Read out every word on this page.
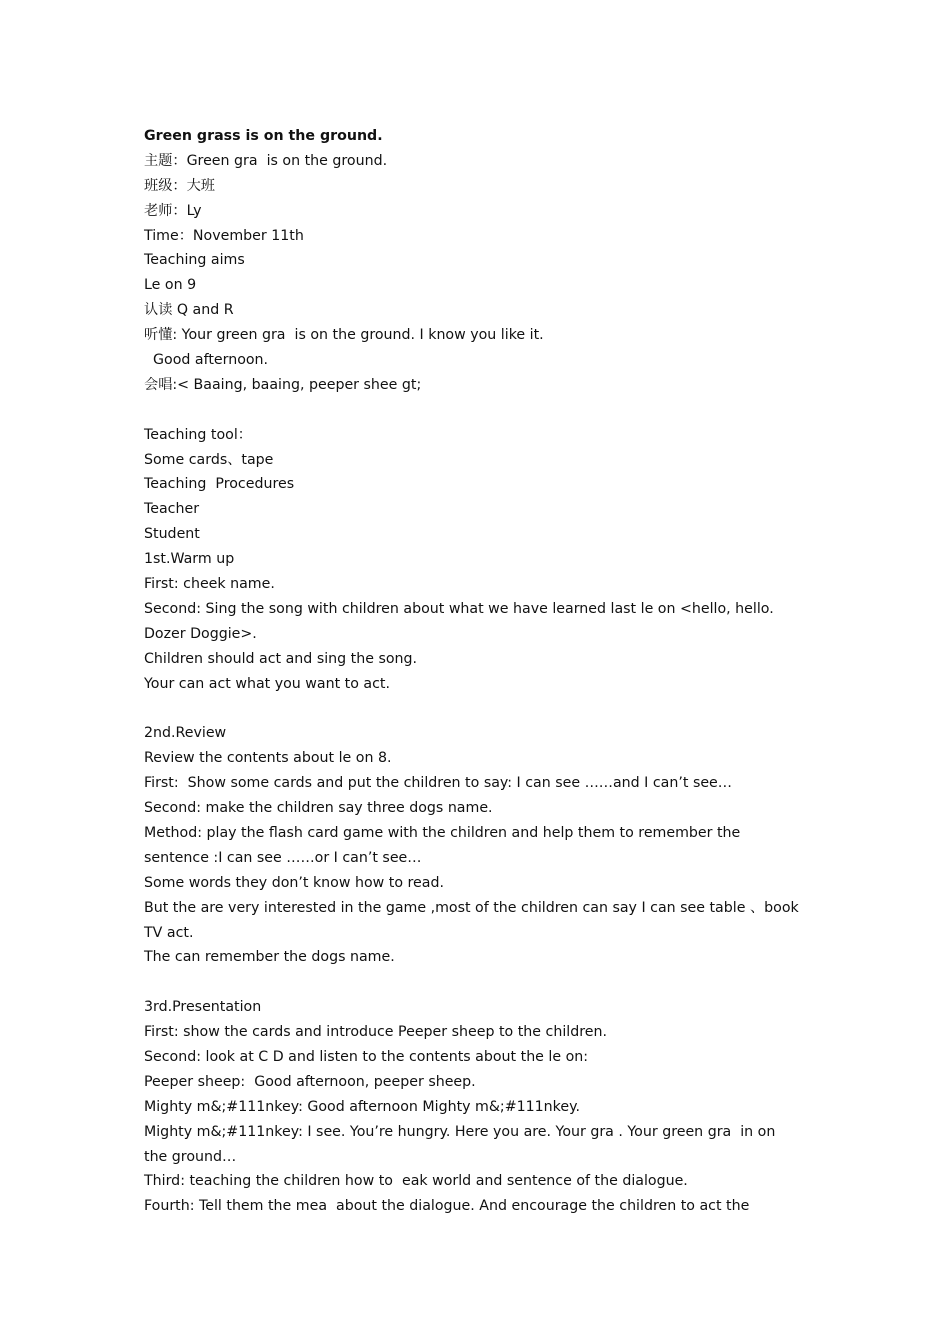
Green grass is on the ground.
主题：Green gra  is on the ground.
班级：大班
老师：Ly
Time：November 11th
Teaching aims
Le on 9
认读 Q and R
听懂: Your green gra  is on the ground. I know you like it.
Good afternoon.
会唱:< Baaing, baaing, peeper shee gt;
Teaching tool：
Some cards、tape
Teaching  Procedures
Teacher
Student
1st.Warm up
First: cheek name.
Second: Sing the song with children about what we have learned last le on <hello, hello.
Dozer Doggie>.
Children should act and sing the song.
Your can act what you want to act.
2nd.Review
Review the contents about le on 8.
First:  Show some cards and put the children to say: I can see ……and I can’t see…
Second: make the children say three dogs name.
Method: play the flash card game with the children and help them to remember the
sentence :I can see ……or I can’t see…
Some words they don’t know how to read.
But the are very interested in the game ,most of the children can say I can see table 、book
TV act.
The can remember the dogs name.
3rd.Presentation
First: show the cards and introduce Peeper sheep to the children.
Second: look at C D and listen to the contents about the le on:
Peeper sheep:  Good afternoon, peeper sheep.
Mighty m&;#111nkey: Good afternoon Mighty m&;#111nkey.
Mighty m&;#111nkey: I see. You’re hungry. Here you are. Your gra . Your green gra  in on
the ground…
Third: teaching the children how to  eak world and sentence of the dialogue.
Fourth: Tell them the mea  about the dialogue. And encourage the children to act the
